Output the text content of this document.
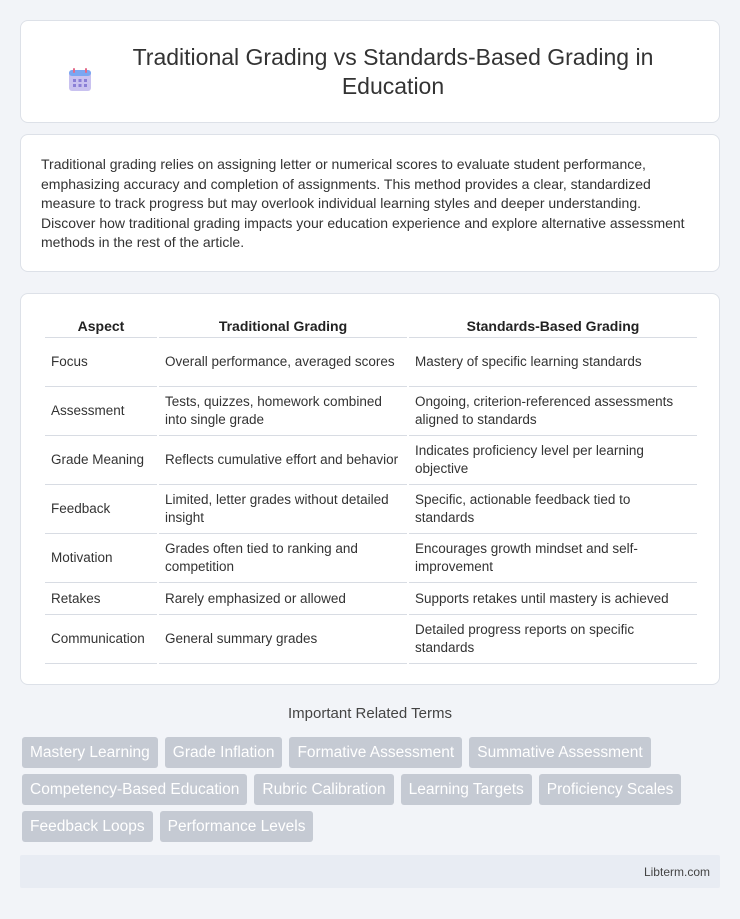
Traditional Grading vs Standards-Based Grading in Education

Traditional grading relies on assigning letter or numerical scores to evaluate student performance, emphasizing accuracy and completion of assignments. This method provides a clear, standardized measure to track progress but may overlook individual learning styles and deeper understanding. Discover how traditional grading impacts your education experience and explore alternative assessment methods in the rest of the article.

Aspect	Traditional Grading	Standards-Based Grading
Focus	Overall performance, averaged scores	Mastery of specific learning standards
Assessment	Tests, quizzes, homework combined into single grade	Ongoing, criterion-referenced assessments aligned to standards
Grade Meaning	Reflects cumulative effort and behavior	Indicates proficiency level per learning objective
Feedback	Limited, letter grades without detailed insight	Specific, actionable feedback tied to standards
Motivation	Grades often tied to ranking and competition	Encourages growth mindset and self-improvement
Retakes	Rarely emphasized or allowed	Supports retakes until mastery is achieved
Communication	General summary grades	Detailed progress reports on specific standards
Important Related Terms
Mastery Learning	Grade Inflation	Formative Assessment	Summative Assessment
Competency-Based Education	Rubric Calibration	Learning Targets	Proficiency Scales
Feedback Loops	Performance Levels
Libterm.com
